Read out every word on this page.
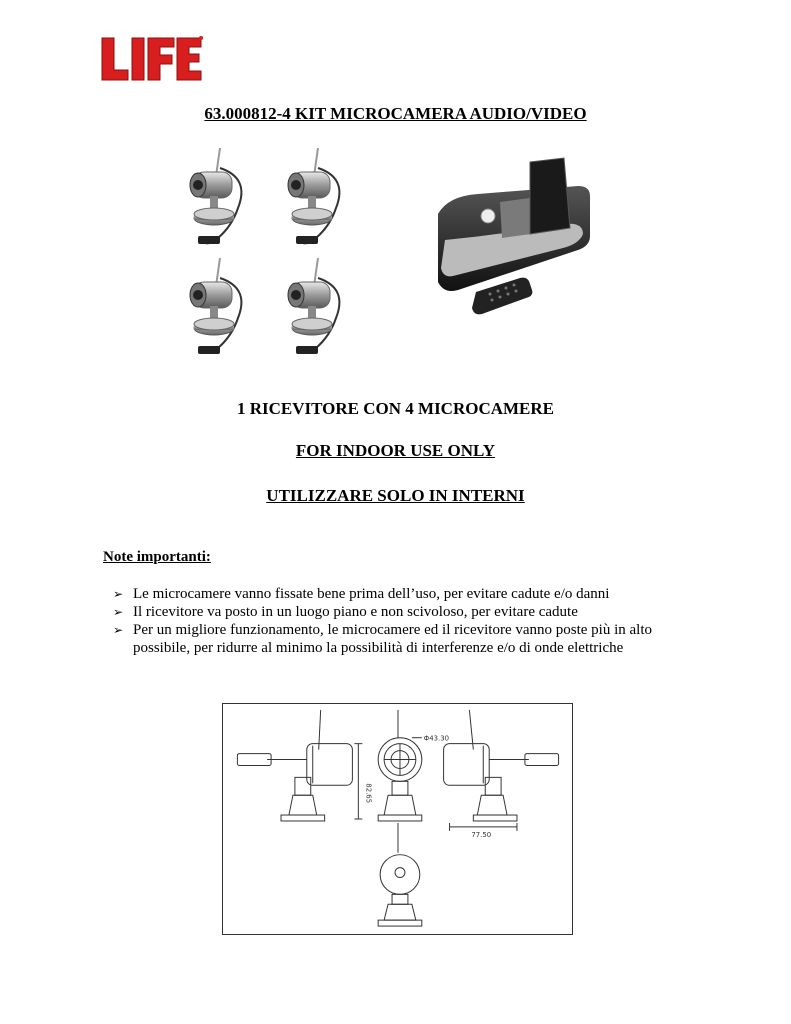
63.000812-4 KIT MICROCAMERA AUDIO/VIDEO
1 RICEVITORE CON 4 MICROCAMERE
FOR INDOOR USE ONLY
UTILIZZARE SOLO IN INTERNI
Note importanti:
➢ Le microcamere vanno fissate bene prima dell’uso, per evitare cadute e/o danni
➢ Il ricevitore va posto in un luogo piano e non scivoloso, per evitare cadute
➢ Per un migliore funzionamento, le microcamere ed il ricevitore vanno poste più in alto possibile, per ridurre al minimo la possibilità di interferenze e/o di onde elettriche
Φ43.30
82.65
77.50
